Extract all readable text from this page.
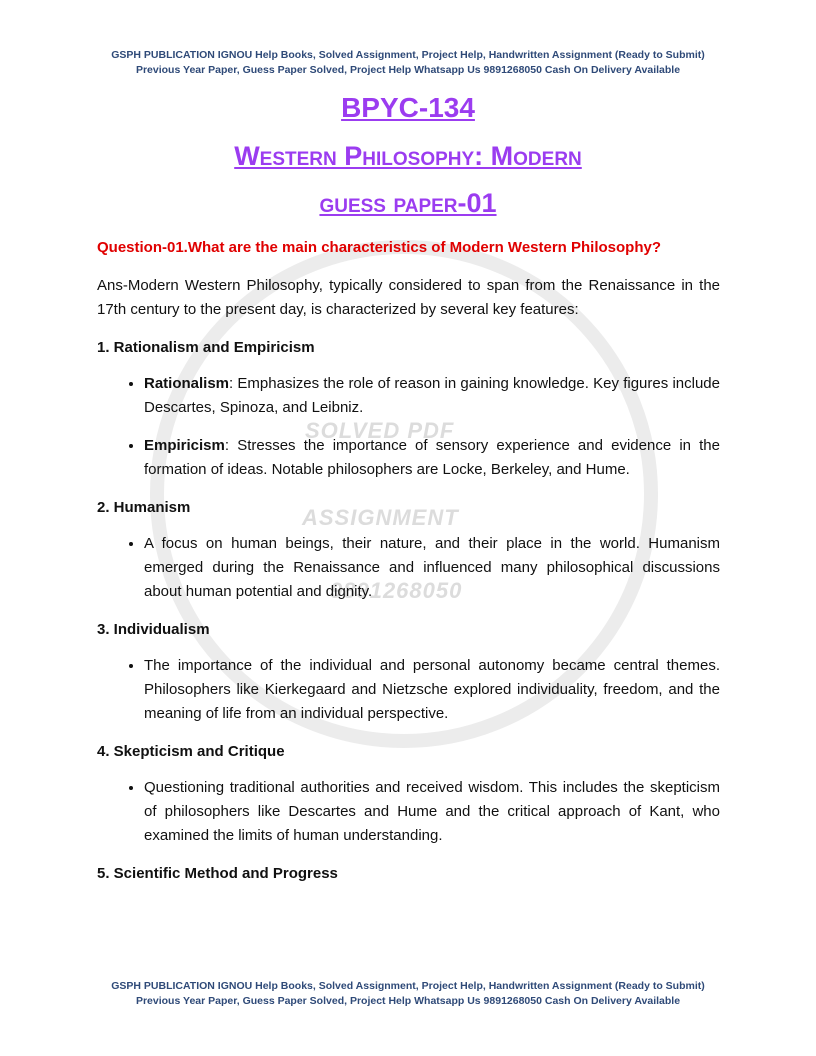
SOLVED PDF
ASSIGNMENT
9891268050
GSPH PUBLICATION IGNOU Help Books, Solved Assignment, Project Help, Handwritten Assignment (Ready to Submit)
Previous Year Paper, Guess Paper Solved, Project Help Whatsapp Us 9891268050 Cash On Delivery Available
BPYC-134
Western Philosophy: Modern
guess paper-01
Question-01.What are the main characteristics of Modern Western Philosophy?

Ans-Modern Western Philosophy, typically considered to span from the Renaissance in the 17th century to the present day, is characterized by several key features:

1. Rationalism and Empiricism
• Rationalism: Emphasizes the role of reason in gaining knowledge. Key figures include Descartes, Spinoza, and Leibniz.
• Empiricism: Stresses the importance of sensory experience and evidence in the formation of ideas. Notable philosophers are Locke, Berkeley, and Hume.
2. Humanism
• A focus on human beings, their nature, and their place in the world. Humanism emerged during the Renaissance and influenced many philosophical discussions about human potential and dignity.
3. Individualism
• The importance of the individual and personal autonomy became central themes. Philosophers like Kierkegaard and Nietzsche explored individuality, freedom, and the meaning of life from an individual perspective.
4. Skepticism and Critique
• Questioning traditional authorities and received wisdom. This includes the skepticism of philosophers like Descartes and Hume and the critical approach of Kant, who examined the limits of human understanding.
5. Scientific Method and Progress
GSPH PUBLICATION IGNOU Help Books, Solved Assignment, Project Help, Handwritten Assignment (Ready to Submit)
Previous Year Paper, Guess Paper Solved, Project Help Whatsapp Us 9891268050 Cash On Delivery Available
